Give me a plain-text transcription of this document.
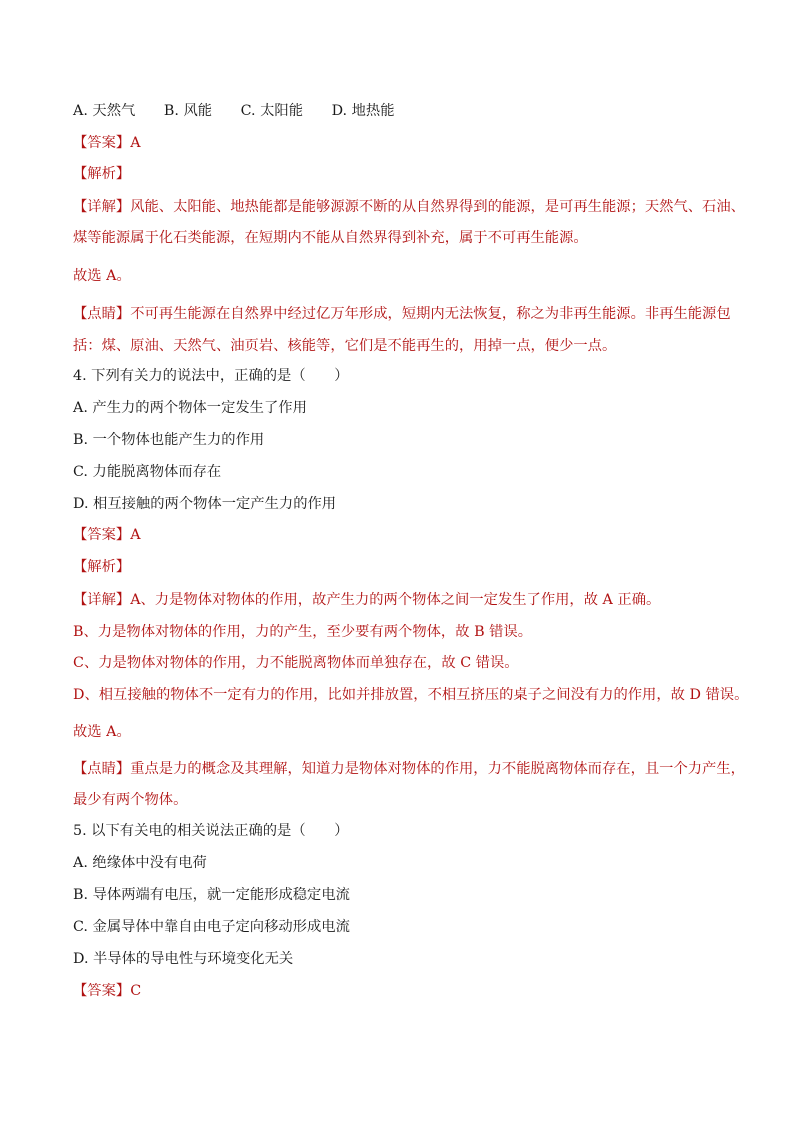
A. 天然气 B. 风能 C. 太阳能 D. 地热能
【答案】A
【解析】
【详解】风能、太阳能、地热能都是能够源源不断的从自然界得到的能源，是可再生能源；天然气、石油、
煤等能源属于化石类能源，在短期内不能从自然界得到补充，属于不可再生能源。
故选 A。
【点睛】不可再生能源在自然界中经过亿万年形成，短期内无法恢复，称之为非再生能源。非再生能源包
括：煤、原油、天然气、油页岩、核能等，它们是不能再生的，用掉一点，便少一点。
4. 下列有关力的说法中，正确的是（　　）
A. 产生力的两个物体一定发生了作用
B. 一个物体也能产生力的作用
C. 力能脱离物体而存在
D. 相互接触的两个物体一定产生力的作用
【答案】A
【解析】
【详解】A、力是物体对物体的作用，故产生力的两个物体之间一定发生了作用，故 A 正确。
B、力是物体对物体的作用，力的产生，至少要有两个物体，故 B 错误。
C、力是物体对物体的作用，力不能脱离物体而单独存在，故 C 错误。
D、相互接触的物体不一定有力的作用，比如并排放置，不相互挤压的桌子之间没有力的作用，故 D 错误。
故选 A。
【点睛】重点是力的概念及其理解，知道力是物体对物体的作用，力不能脱离物体而存在，且一个力产生，
最少有两个物体。
5. 以下有关电的相关说法正确的是（　　）
A. 绝缘体中没有电荷
B. 导体两端有电压，就一定能形成稳定电流
C. 金属导体中靠自由电子定向移动形成电流
D. 半导体的导电性与环境变化无关
【答案】C
